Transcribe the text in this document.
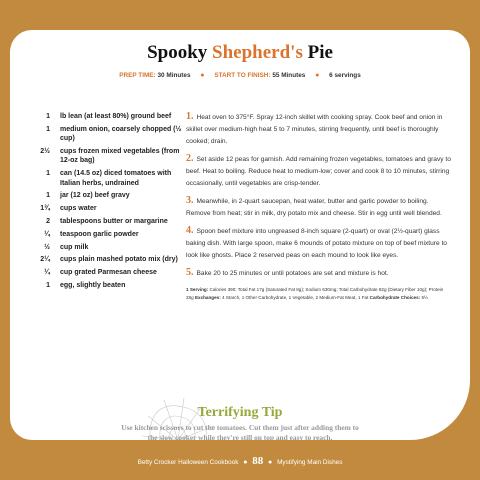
Spooky Shepherd's Pie
PREP TIME: 30 Minutes ● START TO FINISH: 55 Minutes ● 6 servings
1	lb lean (at least 80%) ground beef
1	medium onion, coarsely chopped (½ cup)
2½	cups frozen mixed vegetables (from 12-oz bag)
1	can (14.5 oz) diced tomatoes with Italian herbs, undrained
1	jar (12 oz) beef gravy
1¾	cups water
2	tablespoons butter or margarine
¼	teaspoon garlic powder
½	cup milk
2¼	cups plain mashed potato mix (dry)
¼	cup grated Parmesan cheese
1	egg, slightly beaten
1. Heat oven to 375°F. Spray 12-inch skillet with cooking spray. Cook beef and onion in skillet over medium-high heat 5 to 7 minutes, stirring frequently, until beef is thoroughly cooked; drain.
2. Set aside 12 peas for garnish. Add remaining frozen vegetables, tomatoes and gravy to beef. Heat to boiling. Reduce heat to medium-low; cover and cook 8 to 10 minutes, stirring occasionally, until vegetables are crisp-tender.
3. Meanwhile, in 2-quart saucepan, heat water, butter and garlic powder to boiling. Remove from heat; stir in milk, dry potato mix and cheese. Stir in egg until well blended.
4. Spoon beef mixture into ungreased 8-inch square (2-quart) or oval (2½-quart) glass baking dish. With large spoon, make 6 mounds of potato mixture on top of beef mixture to look like ghosts. Place 2 reserved peas on each mound to look like eyes.
5. Bake 20 to 25 minutes or until potatoes are set and mixture is hot.
1 Serving: Calories 390; Total Fat 17g (Saturated Fat 8g); Sodium 630mg; Total Carbohydrate 82g (Dietary Fiber 10g); Protein 28g Exchanges: 4 Starch, 1 Other Carbohydrate, 1 Vegetable, 2 Medium-Fat Meat, 1 Fat Carbohydrate Choices: 5½
Terrifying Tip
Use kitchen scissors to cut the tomatoes. Cut them just after adding them to the slow cooker while they're still on top and easy to reach.
Betty Crocker Halloween Cookbook ● 88 ● Mystifying Main Dishes
